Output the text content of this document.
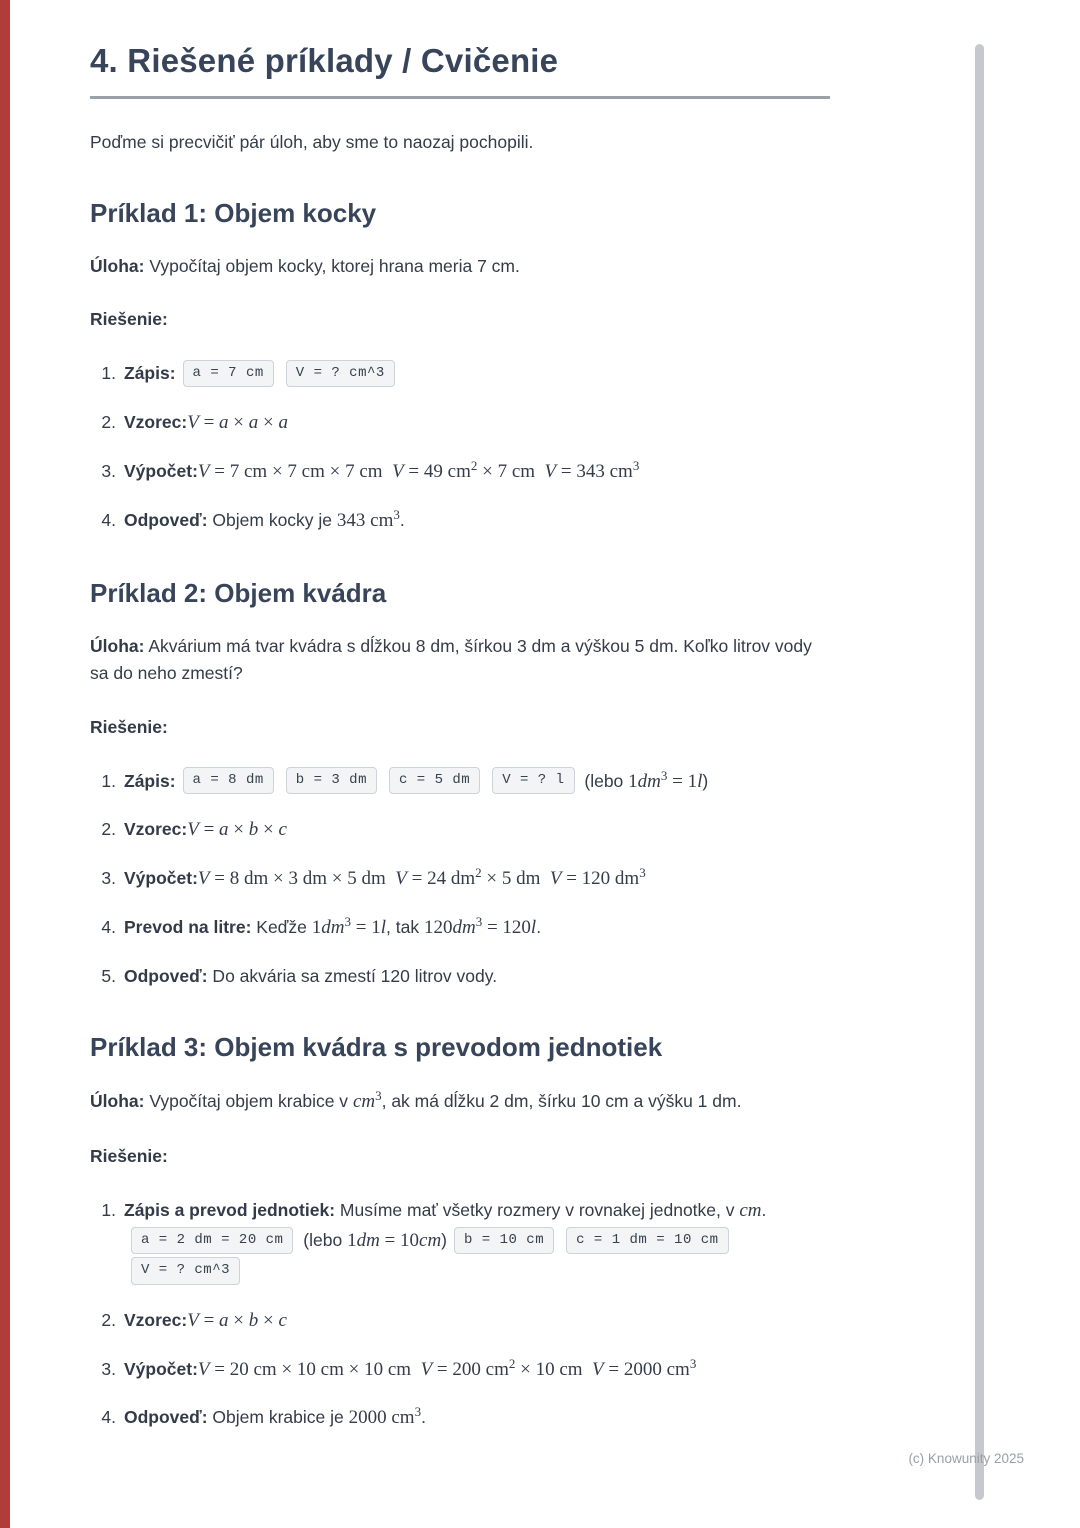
4. Riešené príklady / Cvičenie

Poďme si precvičiť pár úloh, aby sme to naozaj pochopili.

Príklad 1: Objem kocky

Úloha: Vypočítaj objem kocky, ktorej hrana meria 7 cm.

Riešenie:

Zápis: a = 7 cm V = ? cm^3
Vzorec:V = a × a × a
Výpočet:V = 7 cm × 7 cm × 7 cm  V = 49 $cm^2 \times 7$ cm  V = 343 $cm^3$
Odpoveď: Objem kocky je 343 $cm^3$.
Príklad 2: Objem kvádra

Úloha: Akvárium má tvar kvádra s dĺžkou 8 dm, šírkou 3 dm a výškou 5 dm. Koľko litrov vody sa do neho zmestí?

Riešenie:

Zápis: a = 8 dm b = 3 dm c = 5 dm V = ? l (lebo $1dm^3 = 1l$)
Vzorec:V = a × b × c
Výpočet:V = 8 dm × 3 dm × 5 dm  V = 24 $dm^2 \times 5$ dm  V = 120 $dm^3$
Prevod na litre: Keďže $1dm^3 = 1l$, tak $120dm^3 = 120l$.
Odpoveď: Do akvária sa zmestí 120 litrov vody.
Príklad 3: Objem kvádra s prevodom jednotiek

Úloha: Vypočítaj objem krabice v $cm^3$, ak má dĺžku 2 dm, šírku 10 cm a výšku 1 dm.

Riešenie:

Zápis a prevod jednotiek: Musíme mať všetky rozmery v rovnakej jednotke, v cm.a = 2 dm = 20 cm (lebo 1dm = 10cm) b = 10 cm c = 1 dm = 10 cmV = ? cm^3
Vzorec:V = a × b × c
Výpočet:V = 20 cm × 10 cm × 10 cm  V = 200 $cm^2 \times 10$ cm  V = 2000 $cm^3$
Odpoveď: Objem krabice je 2000 $cm^3$.
(c) Knowunity 2025
